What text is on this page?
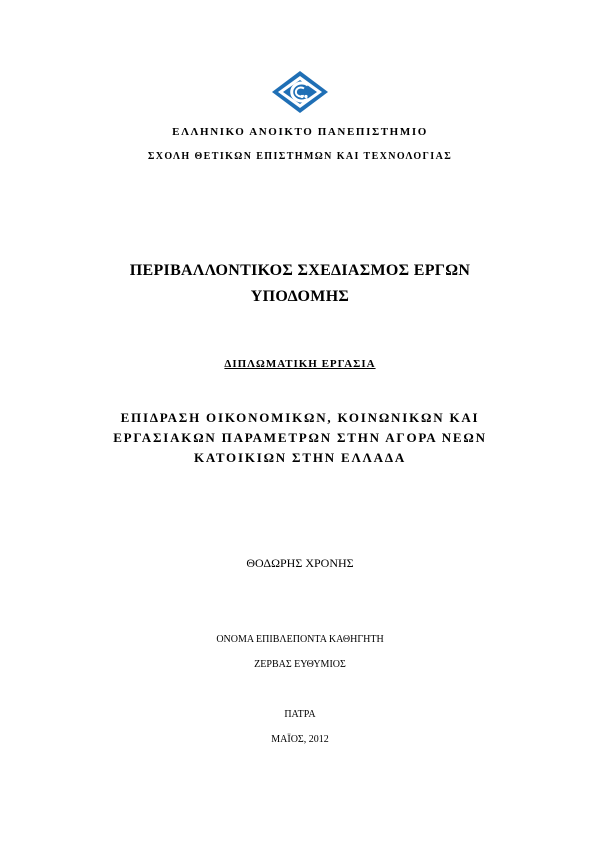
ΕΛΛΗΝΙΚΟ ΑΝΟΙΚΤΟ ΠΑΝΕΠΙΣΤΗΜΙΟ
ΣΧΟΛΗ ΘΕΤΙΚΩΝ ΕΠΙΣΤΗΜΩΝ ΚΑΙ ΤΕΧΝΟΛΟΓΙΑΣ
ΠΕΡΙΒΑΛΛΟΝΤΙΚΟΣ ΣΧΕΔΙΑΣΜΟΣ ΕΡΓΩΝ
ΥΠΟΔΟΜΗΣ
ΔΙΠΛΩΜΑΤΙΚΗ ΕΡΓΑΣΙΑ
ΕΠΙΔΡΑΣΗ ΟΙΚΟΝΟΜΙΚΩΝ, ΚΟΙΝΩΝΙΚΩΝ ΚΑΙ
ΕΡΓΑΣΙΑΚΩΝ ΠΑΡΑΜΕΤΡΩΝ ΣΤΗΝ ΑΓΟΡΑ ΝΕΩΝ
ΚΑΤΟΙΚΙΩΝ ΣΤΗΝ ΕΛΛΑΔΑ
ΘΟΔΩΡΗΣ ΧΡΟΝΗΣ
ΟΝΟΜΑ ΕΠΙΒΛΕΠΟΝΤΑ ΚΑΘΗΓΗΤΗ
ΖΕΡΒΑΣ ΕΥΘΥΜΙΟΣ
ΠΑΤΡΑ
ΜΑΪΟΣ, 2012
